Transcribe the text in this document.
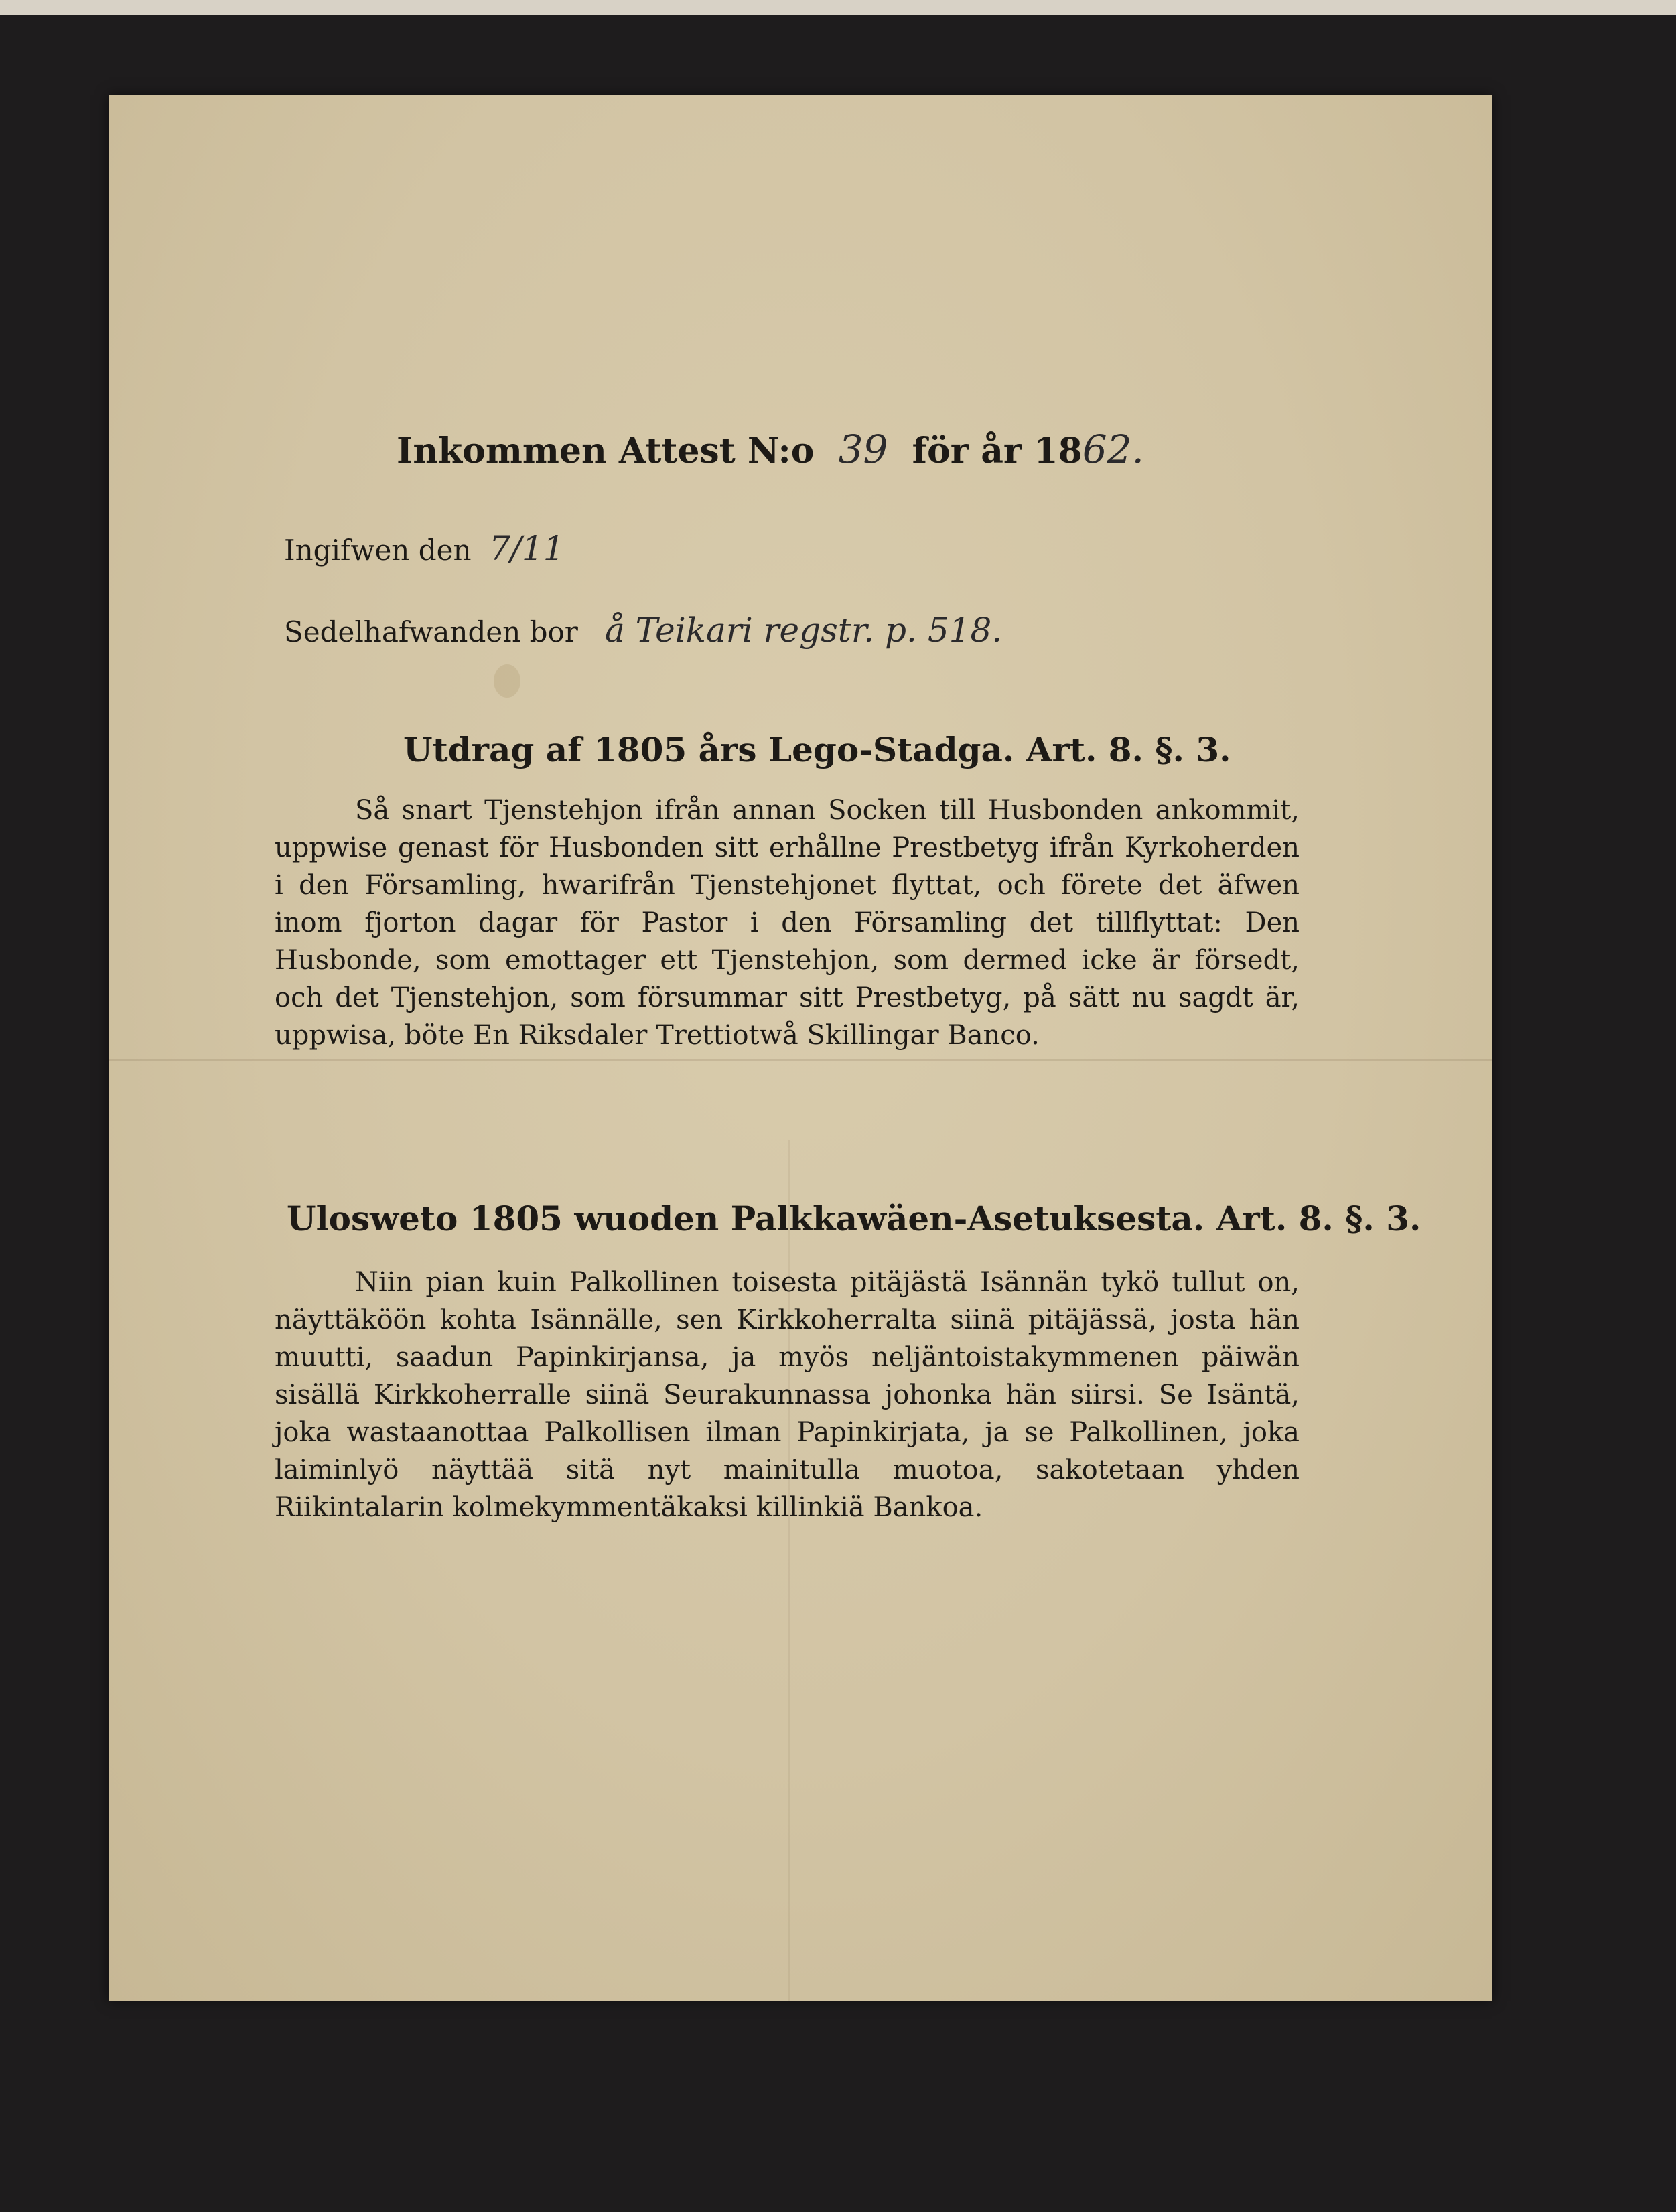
Inkommen Attest N:o 39 för år 1862.
Ingifwen den 7/11
Sedelhafwanden bor å Teikari regstr. p. 518.
Utdrag af 1805 års Lego-Stadga. Art. 8. §. 3.

Så snart Tjenstehjon ifrån annan Socken till Husbonden ankommit, uppwise genast för Husbonden sitt erhållne Prestbetyg ifrån Kyrkoherden i den Församling, hwarifrån Tjenstehjonet flyttat, och förete det äfwen inom fjorton dagar för Pastor i den Församling det tillflyttat: Den Husbonde, som emottager ett Tjenstehjon, som dermed icke är försedt, och det Tjenstehjon, som försummar sitt Prestbetyg, på sätt nu sagdt är, uppwisa, böte En Riksdaler Trettiotwå Skillingar Banco.

Ulosweto 1805 wuoden Palkkawäen-Asetuksesta. Art. 8. §. 3.

Niin pian kuin Palkollinen toisesta pitäjästä Isännän tykö tullut on, näyttäköön kohta Isännälle, sen Kirkkoherralta siinä pitäjässä, josta hän muutti, saadun Papinkirjansa, ja myös neljäntoistakymmenen päiwän sisällä Kirkkoherralle siinä Seurakunnassa johonka hän siirsi. Se Isäntä, joka wastaanottaa Palkollisen ilman Papinkirjata, ja se Palkollinen, joka laiminlyö näyttää sitä nyt mainitulla muotoa, sakotetaan yhden Riikintalarin kolmekymmentäkaksi killinkiä Bankoa.
